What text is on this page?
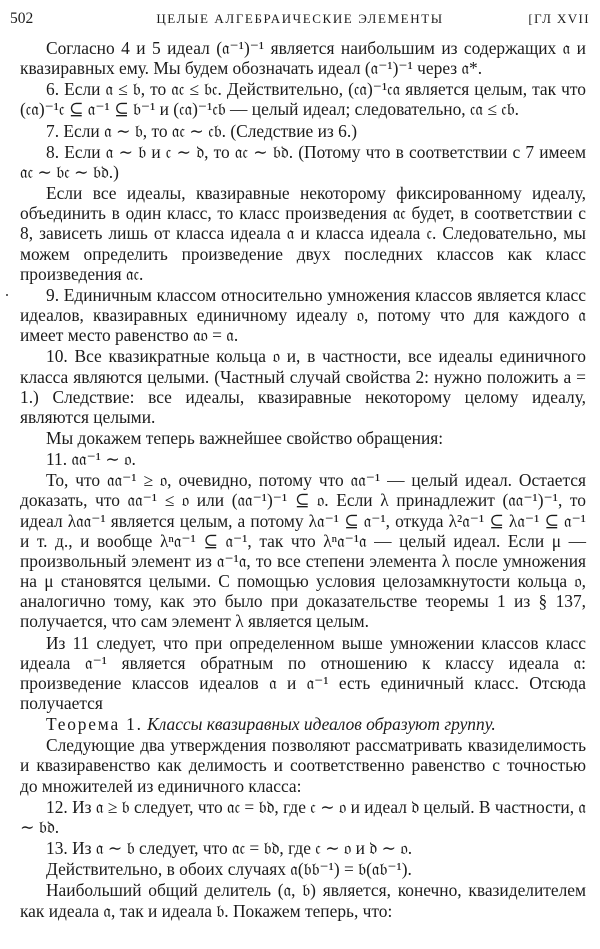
502	ЦЕЛЫЕ АЛГЕБРАИЧЕСКИЕ ЭЛЕМЕНТЫ	[ГЛ XVII

Согласно 4 и 5 идеал (𝔞⁻¹)⁻¹ является наибольшим из содержащих 𝔞 и квазиравных ему. Мы будем обозначать идеал (𝔞⁻¹)⁻¹ через 𝔞*.

6. Если 𝔞 ≤ 𝔟, то 𝔞𝔠 ≤ 𝔟𝔠. Действительно, (𝔠𝔞)⁻¹𝔠𝔞 является целым, так что (𝔠𝔞)⁻¹𝔠 ⊆ 𝔞⁻¹ ⊆ 𝔟⁻¹ и (𝔠𝔞)⁻¹𝔠𝔟 — целый идеал; следовательно, 𝔠𝔞 ≤ 𝔠𝔟.

7. Если 𝔞 ∼ 𝔟, то 𝔞𝔠 ∼ 𝔠𝔟. (Следствие из 6.)

8. Если 𝔞 ∼ 𝔟 и 𝔠 ∼ 𝔡, то 𝔞𝔠 ∼ 𝔟𝔡. (Потому что в соответствии с 7 имеем 𝔞𝔠 ∼ 𝔟𝔠 ∼ 𝔟𝔡.)

Если все идеалы, квазиравные некоторому фиксированному идеалу, объединить в один класс, то класс произведения 𝔞𝔠 будет, в соответствии с 8, зависеть лишь от класса идеала 𝔞 и класса идеала 𝔠. Следовательно, мы можем определить произведение двух последних классов как класс произведения 𝔞𝔠.

9. Единичным классом относительно умножения классов является класс идеалов, квазиравных единичному идеалу 𝔬, потому что для каждого 𝔞 имеет место равенство 𝔞𝔬 = 𝔞.

10. Все квазикратные кольца 𝔬 и, в частности, все идеалы единичного класса являются целыми. (Частный случай свойства 2: нужно положить a = 1.) Следствие: все идеалы, квазиравные некоторому целому идеалу, являются целыми.

Мы докажем теперь важнейшее свойство обращения:

11. 𝔞𝔞⁻¹ ∼ 𝔬.

То, что 𝔞𝔞⁻¹ ≥ 𝔬, очевидно, потому что 𝔞𝔞⁻¹ — целый идеал. Остается доказать, что 𝔞𝔞⁻¹ ≤ 𝔬 или (𝔞𝔞⁻¹)⁻¹ ⊆ 𝔬. Если λ принадлежит (𝔞𝔞⁻¹)⁻¹, то идеал λ𝔞𝔞⁻¹ является целым, а потому λ𝔞⁻¹ ⊆ 𝔞⁻¹, откуда λ²𝔞⁻¹ ⊆ λ𝔞⁻¹ ⊆ 𝔞⁻¹ и т. д., и вообще λⁿ𝔞⁻¹ ⊆ 𝔞⁻¹, так что λⁿ𝔞⁻¹𝔞 — целый идеал. Если μ — произвольный элемент из 𝔞⁻¹𝔞, то все степени элемента λ после умножения на μ становятся целыми. С помощью условия целозамкнутости кольца 𝔬, аналогично тому, как это было при доказательстве теоремы 1 из § 137, получается, что сам элемент λ является целым.

Из 11 следует, что при определенном выше умножении классов класс идеала 𝔞⁻¹ является обратным по отношению к классу идеала 𝔞: произведение классов идеалов 𝔞 и 𝔞⁻¹ есть единичный класс. Отсюда получается

Теорема 1. Классы квазиравных идеалов образуют группу.

Следующие два утверждения позволяют рассматривать квазиделимость и квазиравенство как делимость и соответственно равенство с точностью до множителей из единичного класса:

12. Из 𝔞 ≥ 𝔟 следует, что 𝔞𝔠 = 𝔟𝔡, где 𝔠 ∼ 𝔬 и идеал 𝔡 целый. В частности, 𝔞 ∼ 𝔟𝔡.

13. Из 𝔞 ∼ 𝔟 следует, что 𝔞𝔠 = 𝔟𝔡, где 𝔠 ∼ 𝔬 и 𝔡 ∼ 𝔬.

Действительно, в обоих случаях 𝔞(𝔟𝔟⁻¹) = 𝔟(𝔞𝔟⁻¹).

Наибольший общий делитель (𝔞, 𝔟) является, конечно, квазиделителем как идеала 𝔞, так и идеала 𝔟. Покажем теперь, что:
